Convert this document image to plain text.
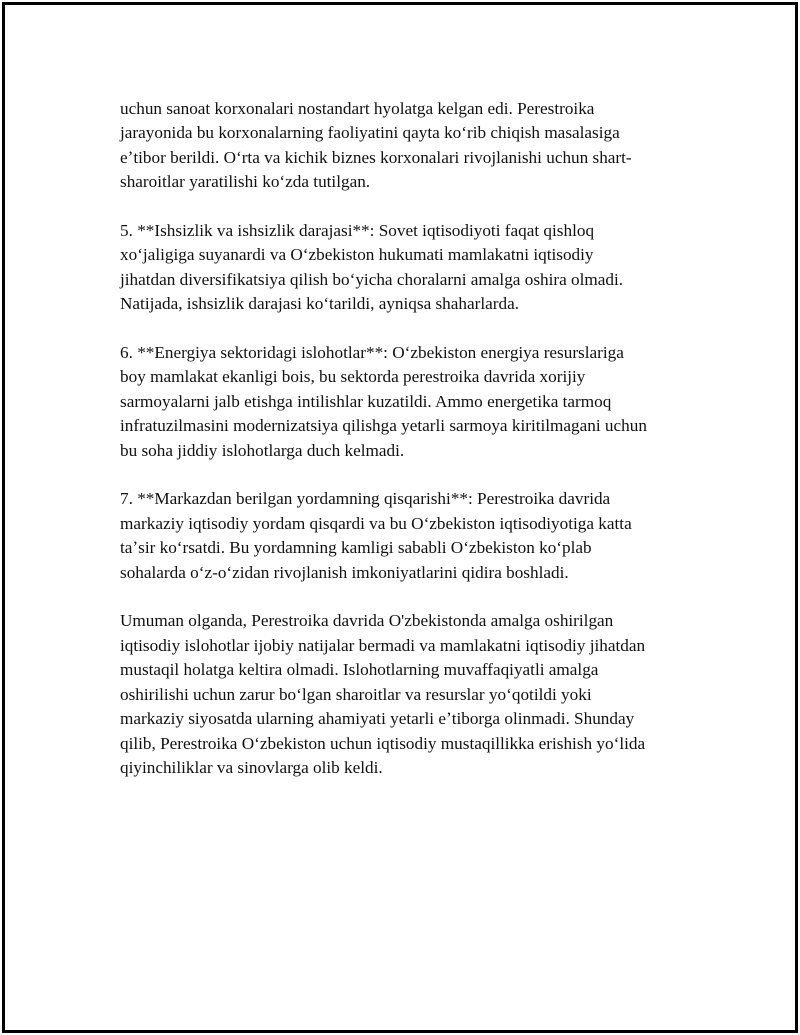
uchun sanoat korxonalari nostandart hyolatga kelgan edi. Perestroika
jarayonida bu korxonalarning faoliyatini qayta koʻrib chiqish masalasiga
eʼtibor berildi. Oʻrta va kichik biznes korxonalari rivojlanishi uchun shart-
sharoitlar yaratilishi koʻzda tutilgan.

5. **Ishsizlik va ishsizlik darajasi**: Sovet iqtisodiyoti faqat qishloq
xoʻjaligiga suyanardi va Oʻzbekiston hukumati mamlakatni iqtisodiy
jihatdan diversifikatsiya qilish boʻyicha choralarni amalga oshira olmadi.
Natijada, ishsizlik darajasi koʻtarildi, ayniqsa shaharlarda.

6. **Energiya sektoridagi islohotlar**: Oʻzbekiston energiya resurslariga
boy mamlakat ekanligi bois, bu sektorda perestroika davrida xorijiy
sarmoyalarni jalb etishga intilishlar kuzatildi. Ammo energetika tarmoq
infratuzilmasini modernizatsiya qilishga yetarli sarmoya kiritilmagani uchun
bu soha jiddiy islohotlarga duch kelmadi.

7. **Markazdan berilgan yordamning qisqarishi**: Perestroika davrida
markaziy iqtisodiy yordam qisqardi va bu Oʻzbekiston iqtisodiyotiga katta
taʼsir koʻrsatdi. Bu yordamning kamligi sababli Oʻzbekiston koʻplab
sohalarda oʻz-oʻzidan rivojlanish imkoniyatlarini qidira boshladi.

Umuman olganda, Perestroika davrida O'zbekistonda amalga oshirilgan
iqtisodiy islohotlar ijobiy natijalar bermadi va mamlakatni iqtisodiy jihatdan
mustaqil holatga keltira olmadi. Islohotlarning muvaffaqiyatli amalga
oshirilishi uchun zarur boʻlgan sharoitlar va resurslar yoʻqotildi yoki
markaziy siyosatda ularning ahamiyati yetarli eʼtiborga olinmadi. Shunday
qilib, Perestroika Oʻzbekiston uchun iqtisodiy mustaqillikka erishish yoʻlida
qiyinchiliklar va sinovlarga olib keldi.
